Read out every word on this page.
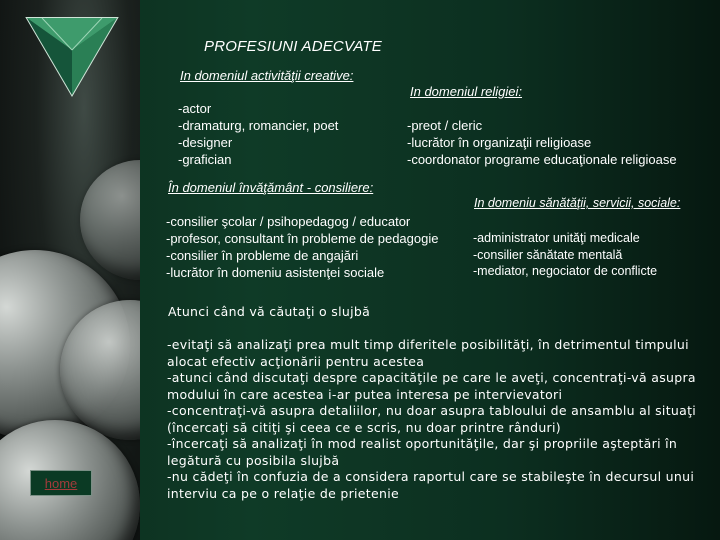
home
PROFESIUNI ADECVATE
In domeniul activităţii creative:
-actor
-dramaturg, romancier, poet
-designer
-grafician
In domeniul religiei:
-preot / cleric
-lucrător în organizaţii religioase
-coordonator programe educaţionale religioase
În domeniul învăţământ - consiliere:
-consilier şcolar / psihopedagog / educator
-profesor, consultant în probleme de pedagogie
-consilier în probleme de angajări
-lucrător în domeniu asistenţei sociale
In domeniu sănătăţii, servicii, sociale:
-administrator unităţi medicale
-consilier sănătate mentală
-mediator, negociator de conflicte
Atunci când vă căutaţi o slujbă
-evitaţi să analizaţi prea mult timp diferitele posibilităţi, în detrimentul timpului
alocat efectiv acţionării pentru acestea
-atunci când discutaţi despre capacităţile pe care le aveţi, concentraţi-vă asupra
modului în care acestea i-ar putea interesa pe intervievatori
-concentraţi-vă asupra detaliilor, nu doar asupra tabloului de ansamblu al situaţi
(încercaţi să citiţi şi ceea ce e scris, nu doar printre rânduri)
-încercaţi să analizaţi în mod realist oportunităţile, dar şi propriile aşteptări în
legătură cu posibila slujbă
-nu cădeţi în confuzia de a considera raportul care se stabileşte în decursul unui
interviu ca pe o relaţie de prietenie
